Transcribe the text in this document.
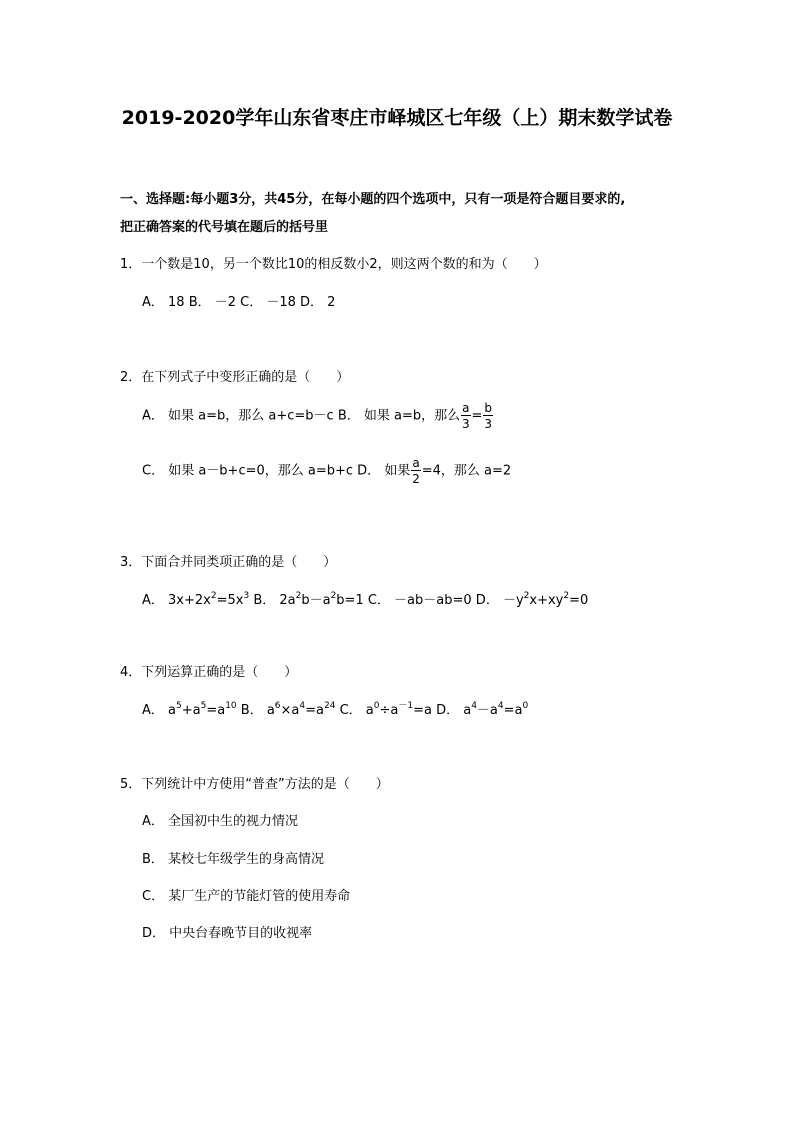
2019-2020学年山东省枣庄市峄城区七年级（上）期末数学试卷
一、选择题:每小题3分，共45分，在每小题的四个选项中，只有一项是符合题目要求的,
把正确答案的代号填在题后的括号里
1．一个数是10，另一个数比10的相反数小2，则这两个数的和为（　　）
A． 18 B． －2 C． －18 D． 2
2．在下列式子中变形正确的是（　　）
A． 如果 a=b，那么 a+c=b－c B． 如果 a=b，那么 $\frac{a}{3} = \frac{b}{3}$
C． 如果 a－b+c=0，那么 a=b+c D． 如果 $\frac{a}{2} =4$，那么 a=2
3．下面合并同类项正确的是（　　）
A． $3x+2x^2=5x^3$ B． $2a^2b-a^2b=1$ C． －ab－ab=0 D． $-y^2x+xy^2=0$
4．下列运算正确的是（　　）
A． $a^5+a^5=a^{10}$ B． $a^6\times a^4=a^{24}$ C． $a^0\div a^{-1}=a$ D． $a^4-a^4=a^0$
5．下列统计中方使用“普查”方法的是（　　）
A． 全国初中生的视力情况
B． 某校七年级学生的身高情况
C． 某厂生产的节能灯管的使用寿命
D． 中央台春晚节目的收视率
